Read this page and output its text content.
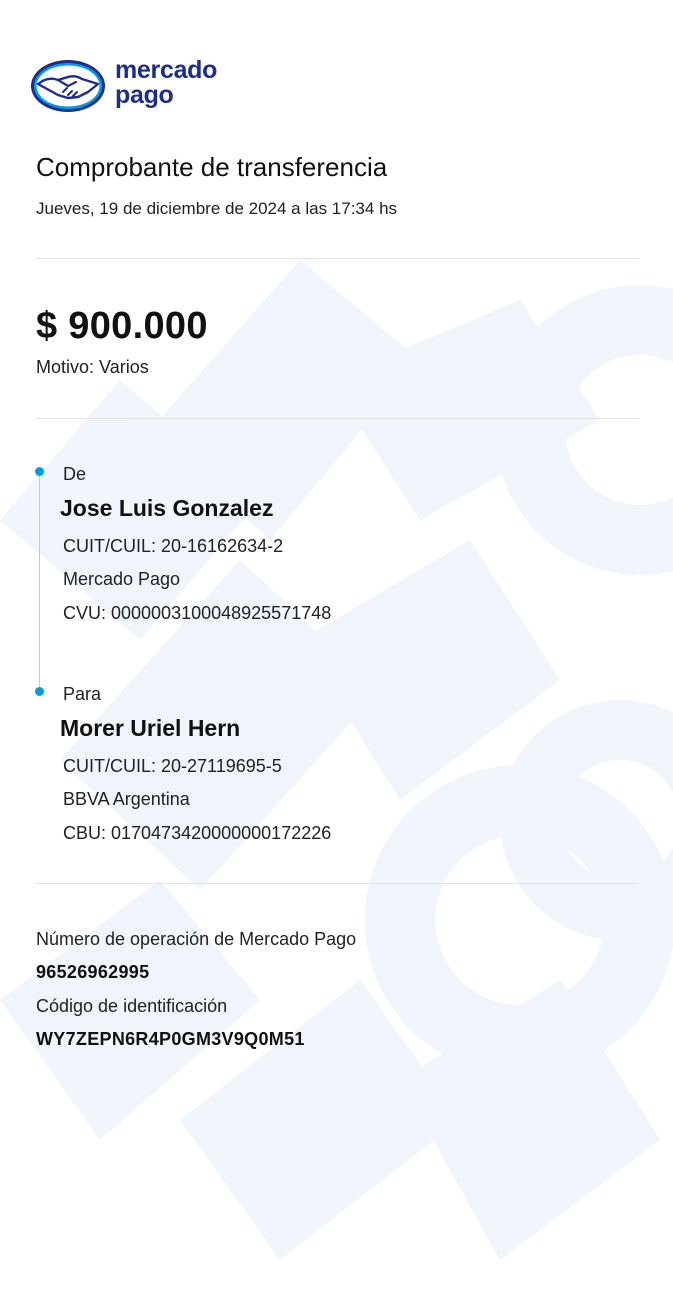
mercado
pago
Comprobante de transferencia
Jueves, 19 de diciembre de 2024 a las 17:34 hs
$ 900.000
Motivo: Varios
De
Jose Luis Gonzalez
CUIT/CUIL: 20-16162634-2
Mercado Pago
CVU: 0000003100048925571748
Para
Morer Uriel Hern
CUIT/CUIL: 20-27119695-5
BBVA Argentina
CBU: 0170473420000000172226
Número de operación de Mercado Pago
96526962995
Código de identificación
WY7ZEPN6R4P0GM3V9Q0M51
